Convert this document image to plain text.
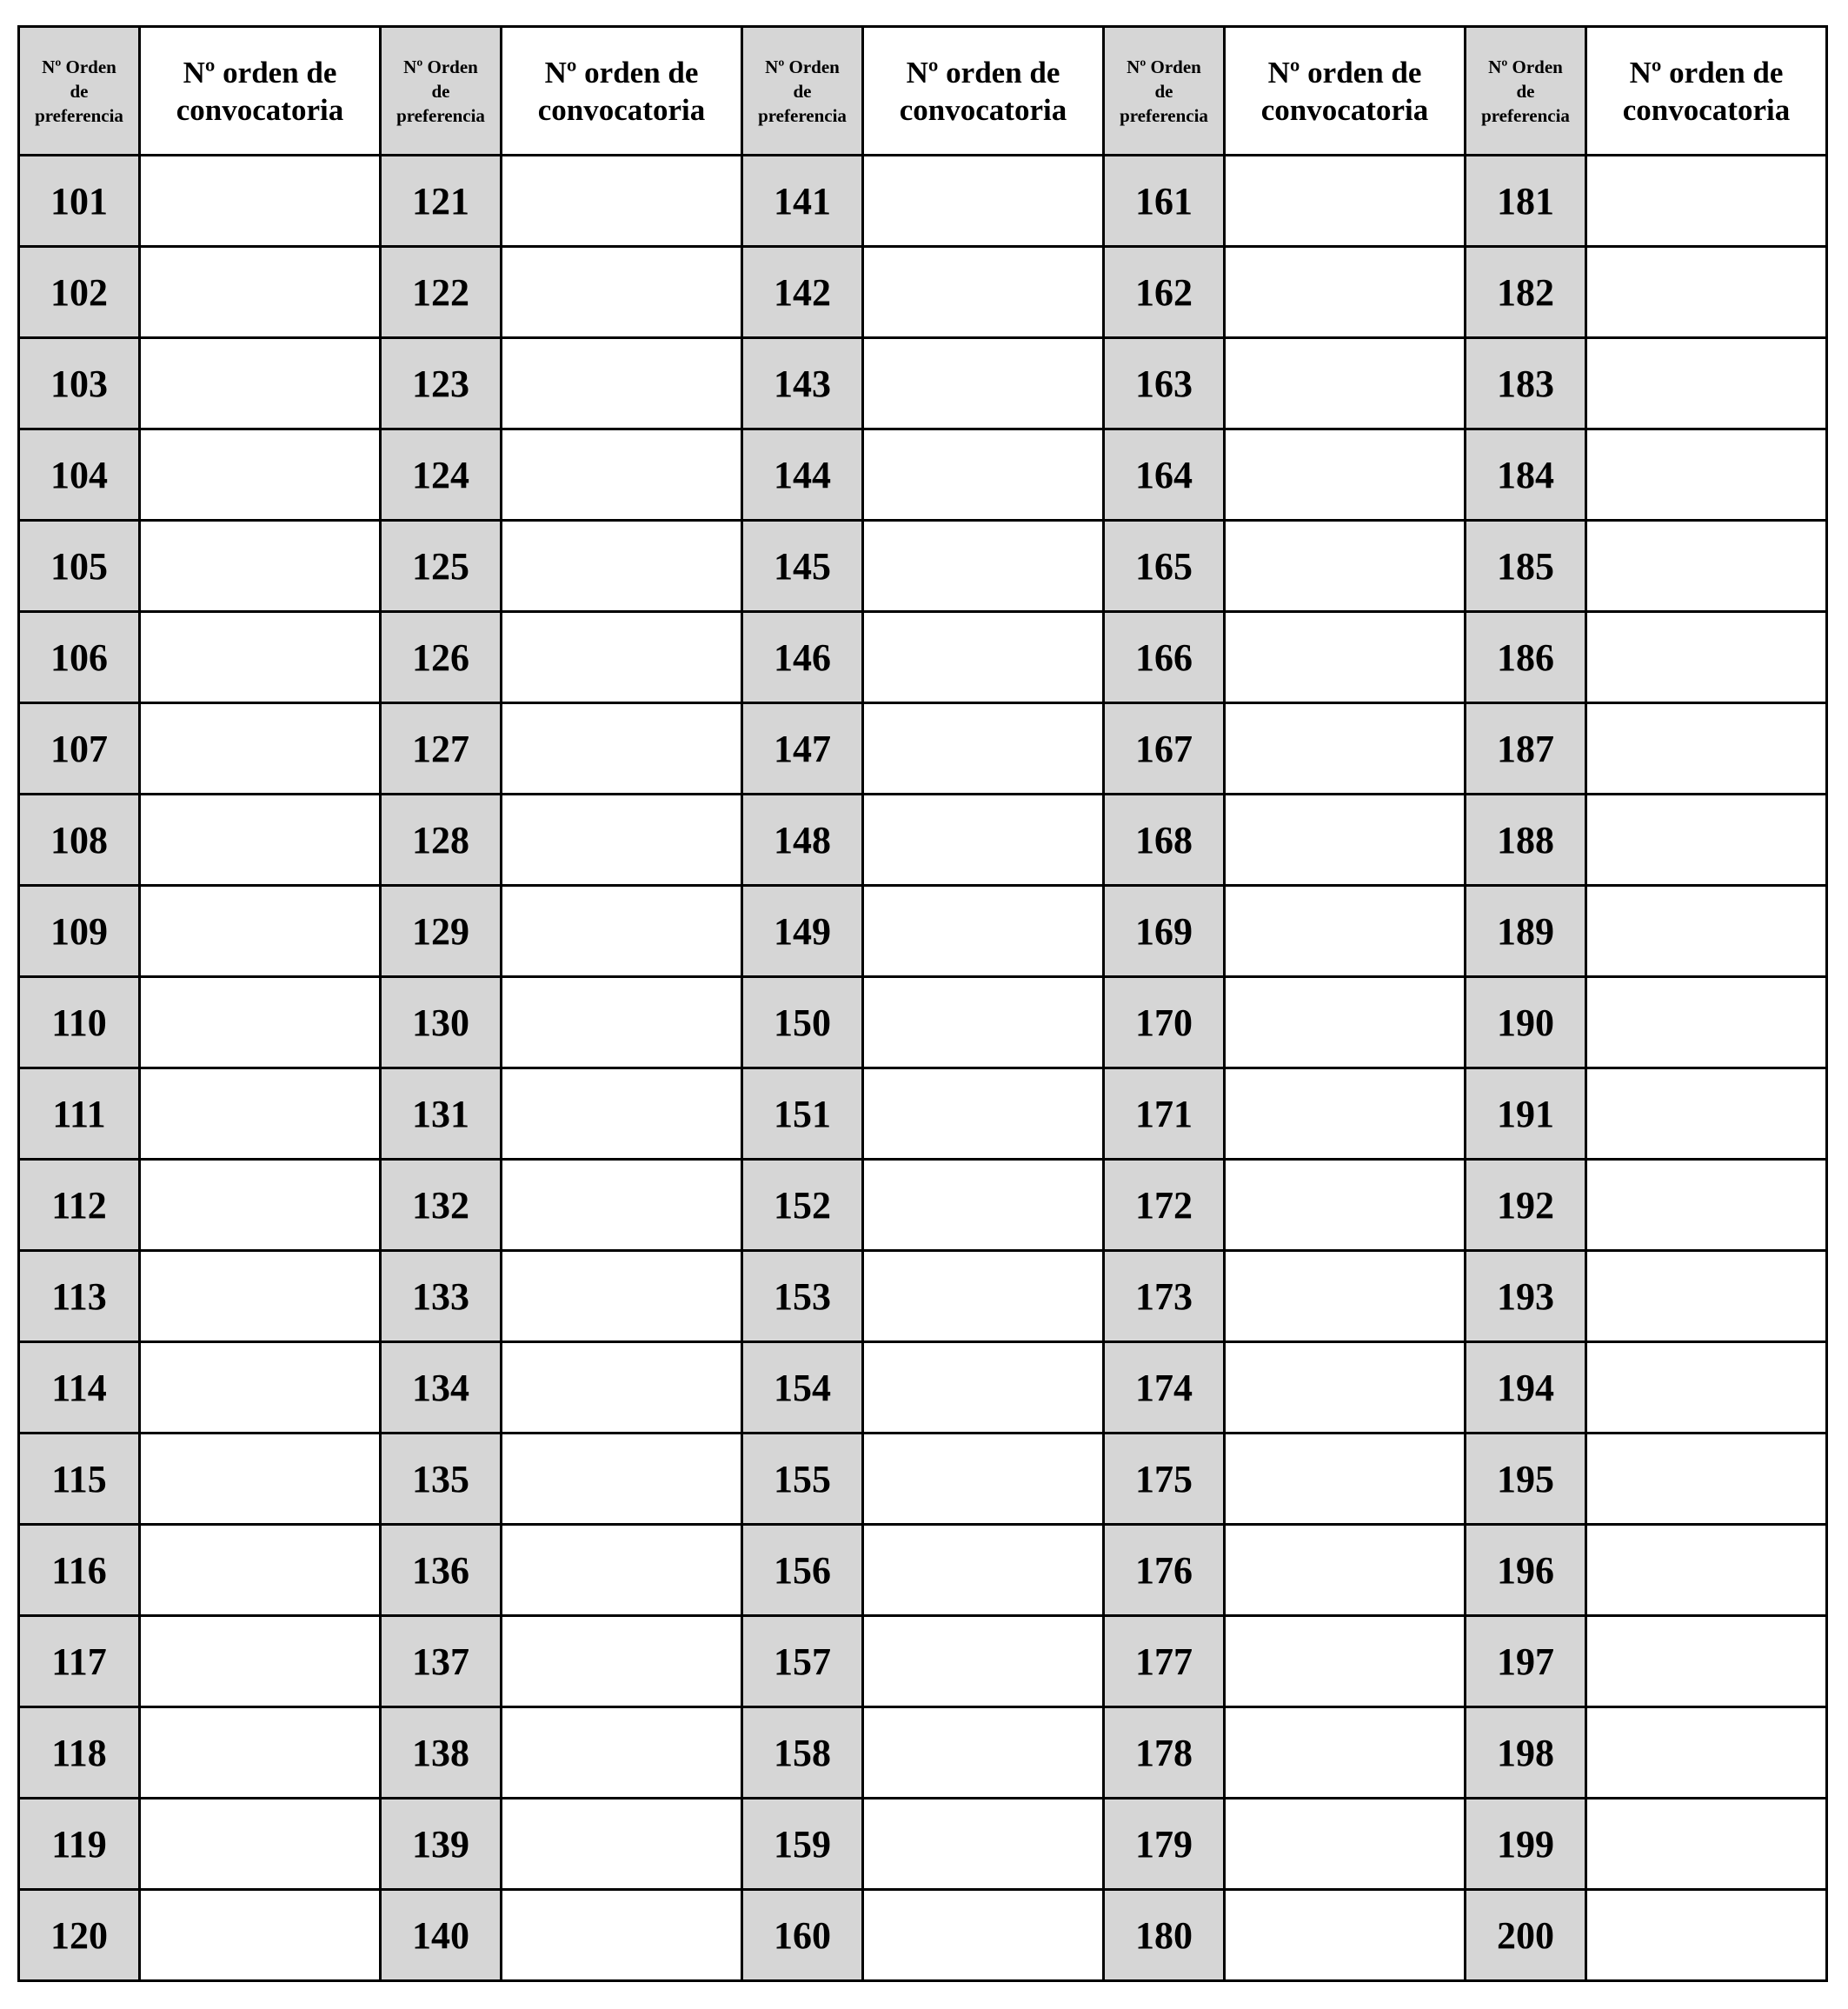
Nº Orden
de
preferencia	Nº orden de
convocatoria	Nº Orden
de
preferencia	Nº orden de
convocatoria	Nº Orden
de
preferencia	Nº orden de
convocatoria	Nº Orden
de
preferencia	Nº orden de
convocatoria	Nº Orden
de
preferencia	Nº orden de
convocatoria

101		121		141		161		181	
102		122		142		162		182	
103		123		143		163		183	
104		124		144		164		184	
105		125		145		165		185	
106		126		146		166		186	
107		127		147		167		187	
108		128		148		168		188	
109		129		149		169		189	
110		130		150		170		190	
111		131		151		171		191	
112		132		152		172		192	
113		133		153		173		193	
114		134		154		174		194	
115		135		155		175		195	
116		136		156		176		196	
117		137		157		177		197	
118		138		158		178		198	
119		139		159		179		199	
120		140		160		180		200	
